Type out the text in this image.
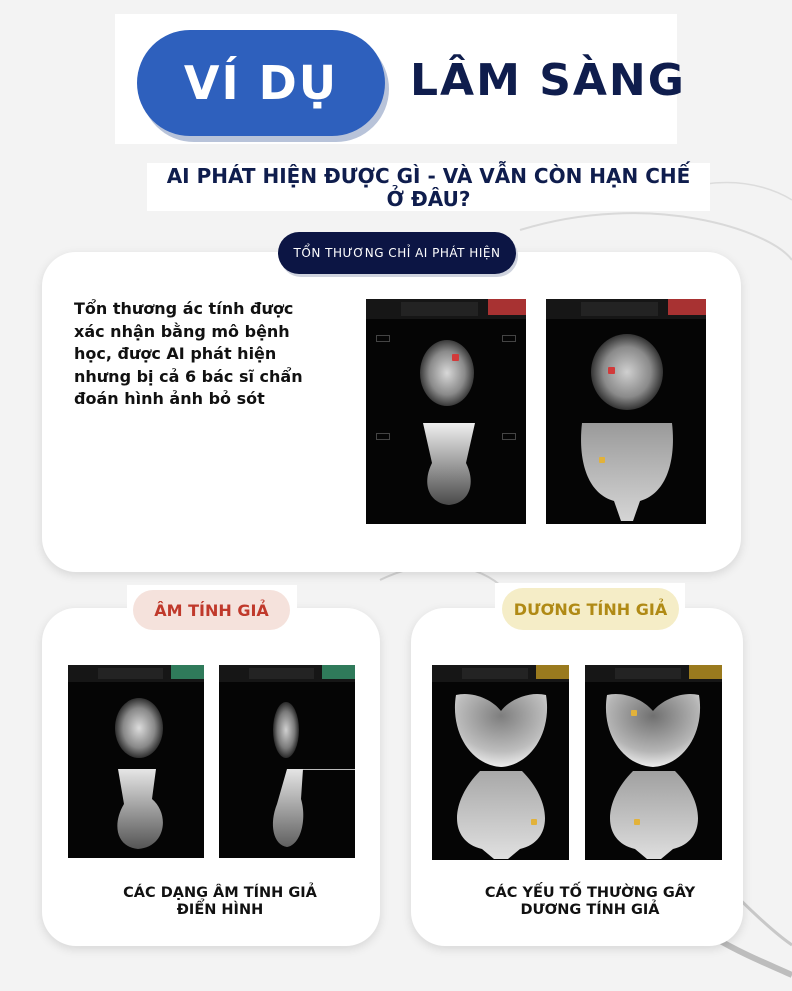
VÍ DỤ LÂM SÀNG
AI PHÁT HIỆN ĐƯỢC GÌ - VÀ VẪN CÒN HẠN CHẾ
Ở ĐÂU?
TỔN THƯƠNG CHỈ AI PHÁT HIỆN
Tổn thương ác tính được xác nhận bằng mô bệnh học, được AI phát hiện nhưng bị cả 6 bác sĩ chẩn đoán hình ảnh bỏ sót
ÂM TÍNH GIẢ
CÁC DẠNG ÂM TÍNH GIẢ
ĐIỂN HÌNH
DƯƠNG TÍNH GIẢ
CÁC YẾU TỐ THƯỜNG GÂY
DƯƠNG TÍNH GIẢ
